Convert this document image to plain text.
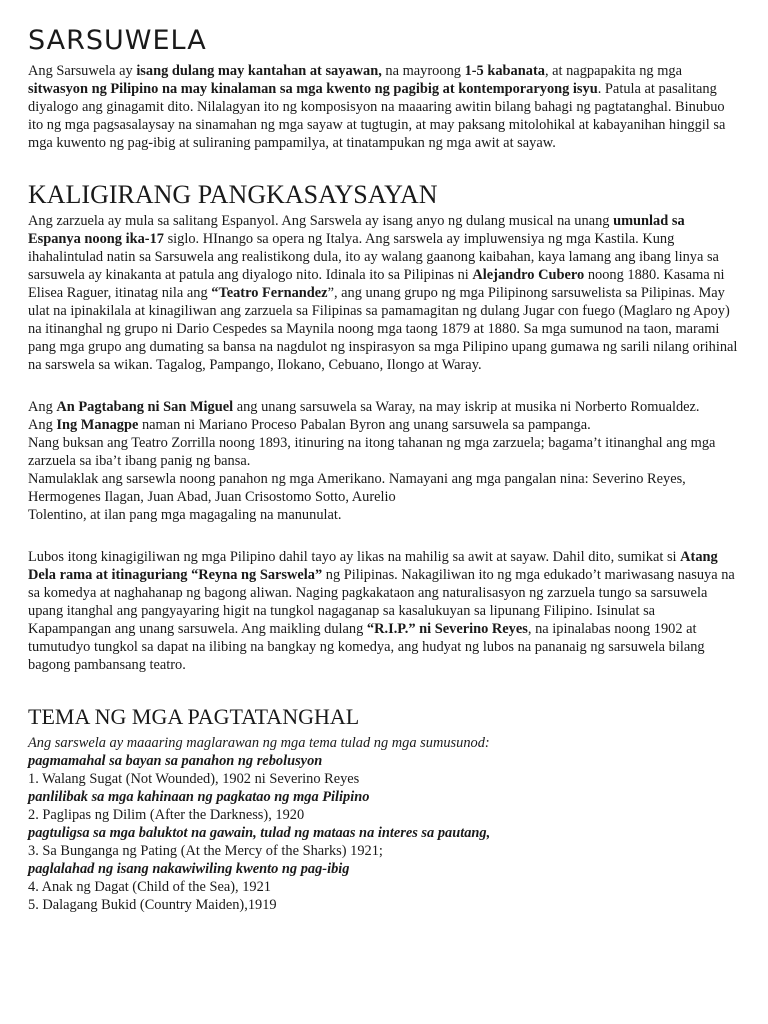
SARSUWELA

Ang Sarsuwela ay isang dulang may kantahan at sayawan, na mayroong 1-5 kabanata, at nagpapakita ng mga sitwasyon ng Pilipino na may kinalaman sa mga kwento ng pagibig at kontemporaryong isyu. Patula at pasalitang diyalogo ang ginagamit dito. Nilalagyan ito ng komposisyon na maaaring awitin bilang bahagi ng pagtatanghal. Binubuo ito ng mga pagsasalaysay na sinamahan ng mga sayaw at tugtugin, at may paksang mitolohikal at kabayanihan hinggil sa mga kuwento ng pag-ibig at suliraning pampamilya, at tinatampukan ng mga awit at sayaw.

KALIGIRANG PANGKASAYSAYAN

Ang zarzuela ay mula sa salitang Espanyol. Ang Sarswela ay isang anyo ng dulang musical na unang umunlad sa Espanya noong ika-17 siglo. HInango sa opera ng Italya. Ang sarswela ay impluwensiya ng mga Kastila. Kung ihahalintulad natin sa Sarsuwela ang realistikong dula, ito ay walang gaanong kaibahan, kaya lamang ang ibang linya sa sarsuwela ay kinakanta at patula ang diyalogo nito. Idinala ito sa Pilipinas ni Alejandro Cubero noong 1880. Kasama ni Elisea Raguer, itinatag nila ang “Teatro Fernandez”, ang unang grupo ng mga Pilipinong sarsuwelista sa Pilipinas. May ulat na ipinakilala at kinagiliwan ang zarzuela sa Filipinas sa pamamagitan ng dulang Jugar con fuego (Maglaro ng Apoy) na itinanghal ng grupo ni Dario Cespedes sa Maynila noong mga taong 1879 at 1880. Sa mga sumunod na taon, marami pang mga grupo ang dumating sa bansa na nagdulot ng inspirasyon sa mga Pilipino upang gumawa ng sarili nilang orihinal na sarswela sa wikan. Tagalog, Pampango, Ilokano, Cebuano, Ilongo at Waray.

Ang An Pagtabang ni San Miguel ang unang sarsuwela sa Waray, na may iskrip at musika ni Norberto Romualdez.

Ang Ing Managpe naman ni Mariano Proceso Pabalan Byron ang unang sarsuwela sa pampanga.

Nang buksan ang Teatro Zorrilla noong 1893, itinuring na itong tahanan ng mga zarzuela; bagama’t itinanghal ang mga zarzuela sa iba’t ibang panig ng bansa.

Namulaklak ang sarsewla noong panahon ng mga Amerikano. Namayani ang mga pangalan nina: Severino Reyes, Hermogenes Ilagan, Juan Abad, Juan Crisostomo Sotto, Aurelio

Tolentino, at ilan pang mga magagaling na manunulat.

Lubos itong kinagigiliwan ng mga Pilipino dahil tayo ay likas na mahilig sa awit at sayaw. Dahil dito, sumikat si Atang Dela rama at itinaguriang “Reyna ng Sarswela” ng Pilipinas. Nakagiliwan ito ng mga edukado’t mariwasang nasuya na sa komedya at naghahanap ng bagong aliwan. Naging pagkakataon ang naturalisasyon ng zarzuela tungo sa sarsuwela upang itanghal ang pangyayaring higit na tungkol nagaganap sa kasalukuyan sa lipunang Filipino. Isinulat sa Kapampangan ang unang sarsuwela. Ang maikling dulang “R.I.P.” ni Severino Reyes, na ipinalabas noong 1902 at tumutudyo tungkol sa dapat na ilibing na bangkay ng komedya, ang hudyat ng lubos na pananaig ng sarsuwela bilang bagong pambansang teatro.

TEMA NG MGA PAGTATANGHAL

Ang sarswela ay maaaring maglarawan ng mga tema tulad ng mga sumusunod:

pagmamahal sa bayan sa panahon ng rebolusyon

1. Walang Sugat (Not Wounded), 1902 ni Severino Reyes

panlilibak sa mga kahinaan ng pagkatao ng mga Pilipino

2. Paglipas ng Dilim (After the Darkness), 1920

pagtuligsa sa mga baluktot na gawain, tulad ng mataas na interes sa pautang,

3. Sa Bunganga ng Pating (At the Mercy of the Sharks) 1921;

paglalahad ng isang nakawiwiling kwento ng pag-ibig

4. Anak ng Dagat (Child of the Sea), 1921

5. Dalagang Bukid (Country Maiden),1919
